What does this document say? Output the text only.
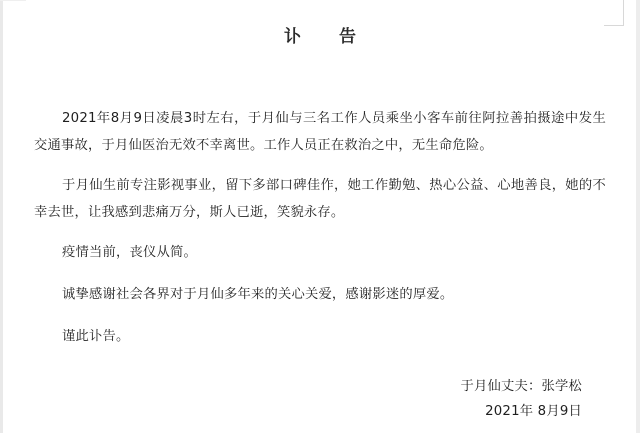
讣 告

2021年8月9日凌晨3时左右，于月仙与三名工作人员乘坐小客车前往阿拉善拍摄途中发生交通事故，于月仙医治无效不幸离世。工作人员正在救治之中，无生命危险。

于月仙生前专注影视事业，留下多部口碑佳作，她工作勤勉、热心公益、心地善良，她的不幸去世，让我感到悲痛万分，斯人已逝，笑貌永存。

疫情当前，丧仪从简。

诚挚感谢社会各界对于月仙多年来的关心关爱，感谢影迷的厚爱。

谨此讣告。

于月仙丈夫：张学松
2021年 8月9日
